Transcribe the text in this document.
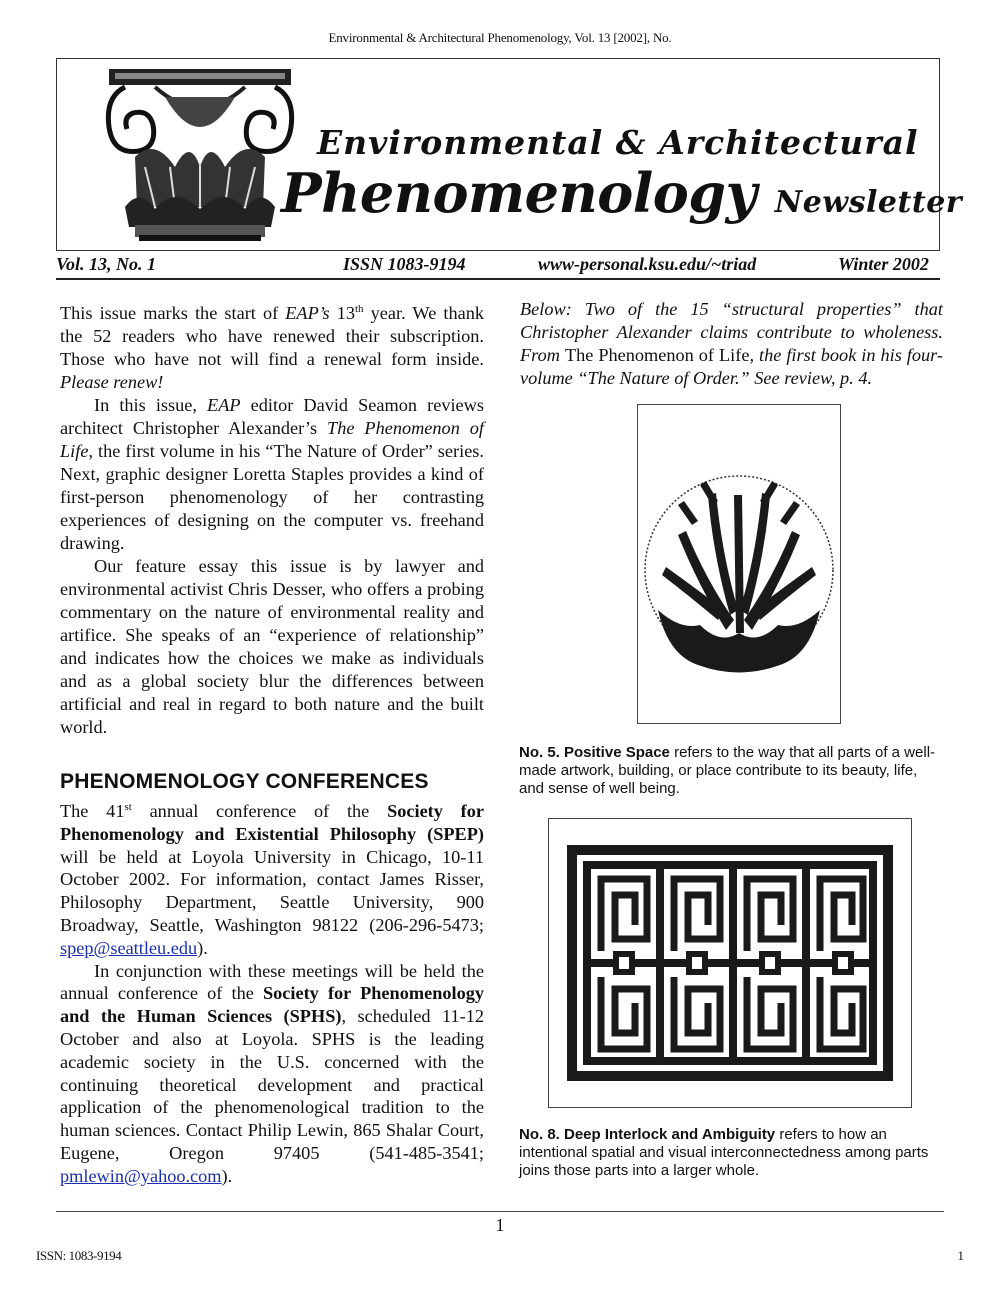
Environmental & Architectural Phenomenology, Vol. 13 [2002], No.
Environmental & Architectural
Phenomenology Newsletter
Vol. 13, No. 1	ISSN 1083-9194	www-personal.ksu.edu/~triad	Winter 2002

This issue marks the start of EAP’s 13th year. We thank the 52 readers who have renewed their subscription. Those who have not will find a renewal form inside. Please renew!

In this issue, EAP editor David Seamon reviews architect Christopher Alexander’s The Phenomenon of Life, the first volume in his “The Nature of Order” series. Next, graphic designer Loretta Staples provides a kind of first-person phenomenology of her contrasting experiences of designing on the computer vs. freehand drawing.

Our feature essay this issue is by lawyer and environmental activist Chris Desser, who offers a probing commentary on the nature of environmental reality and artifice. She speaks of an “experience of relationship” and indicates how the choices we make as individuals and as a global society blur the differences between artificial and real in regard to both nature and the built world.

PHENOMENOLOGY CONFERENCES

The 41st annual conference of the Society for Phenomenology and Existential Philosophy (SPEP) will be held at Loyola University in Chicago, 10-11 October 2002. For information, contact James Risser, Philosophy Department, Seattle University, 900 Broadway, Seattle, Washington 98122 (206-296-5473; spep@seattleu.edu).

In conjunction with these meetings will be held the annual conference of the Society for Phenomenology and the Human Sciences (SPHS), scheduled 11-12 October and also at Loyola. SPHS is the leading academic society in the U.S. concerned with the continuing theoretical development and practical application of the phenomenological tradition to the human sciences. Contact Philip Lewin, 865 Shalar Court, Eugene, Oregon 97405 (541-485-3541; pmlewin@yahoo.com).

Below: Two of the 15 “structural properties” that Christopher Alexander claims contribute to wholeness. From The Phenomenon of Life, the first book in his four-volume “The Nature of Order.” See review, p. 4.
No. 5. Positive Space refers to the way that all parts of a well-made artwork, building, or place contribute to its beauty, life, and sense of well being.
No. 8. Deep Interlock and Ambiguity refers to how an intentional spatial and visual interconnectedness among parts joins those parts into a larger whole.
1
ISSN: 1083-9194	1
